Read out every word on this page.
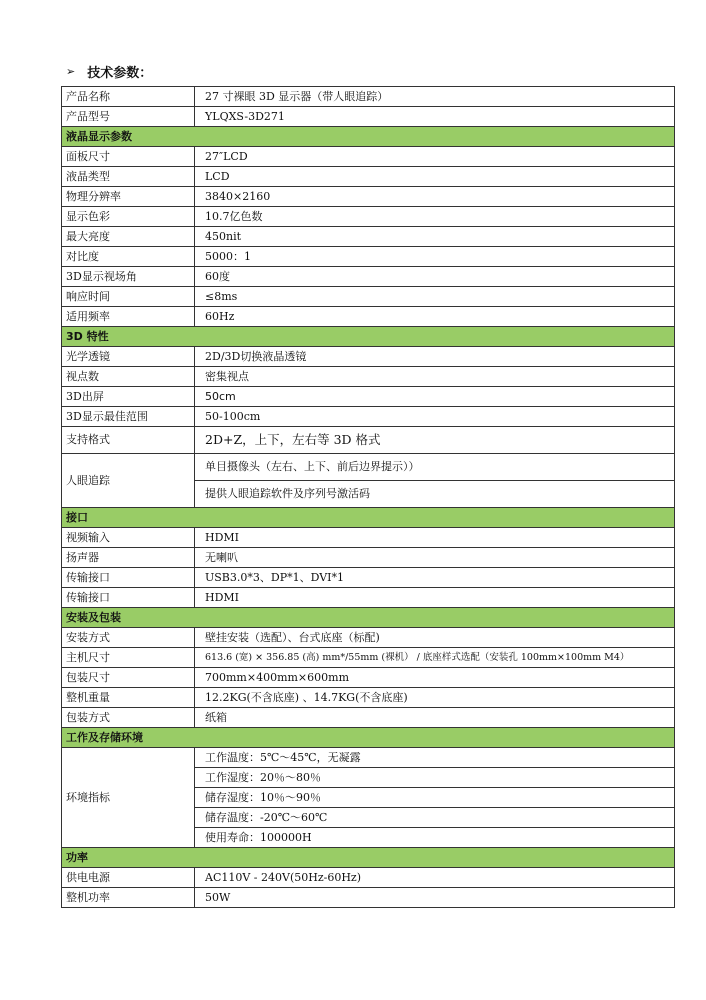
➢ 技术参数：
产品名称	27 寸裸眼 3D 显示器（带人眼追踪）
产品型号	YLQXS-3D271
液晶显示参数	
面板尺寸	27″LCD
液晶类型	LCD
物理分辨率	3840×2160
显示色彩	10.7亿色数
最大亮度	450nit
对比度	5000：1
3D显示视场角	60度
响应时间	≤8ms
适用频率	60Hz
3D 特性	
光学透镜	2D/3D切换液晶透镜
视点数	密集视点
3D出屏	50cm
3D显示最佳范围	50-100cm
支持格式	2D+Z，上下，左右等 3D 格式
人眼追踪	单目摄像头（左右、上下、前后边界提示））
	提供人眼追踪软件及序列号激活码
接口	
视频输入	HDMI
扬声器	无喇叭
传输接口	USB3.0*3、DP*1、DVI*1
传输接口	HDMI
安装及包装	
安装方式	壁挂安装（选配）、台式底座（标配)
主机尺寸	613.6 (宽) × 356.85 (高) mm*/55mm (裸机） / 底座样式选配（安装孔 100mm×100mm M4）
包装尺寸	700mm×400mm×600mm
整机重量	12.2KG(不含底座) 、14.7KG(不含底座)
包装方式	纸箱
工作及存储环境	
环境指标	工作温度：5℃～45℃，无凝露
	工作湿度：20％～80％
	储存湿度：10％～90％
	储存温度：-20℃～60℃
	使用寿命：100000H
功率	
供电电源	AC110V - 240V(50Hz-60Hz)
整机功率	50W
